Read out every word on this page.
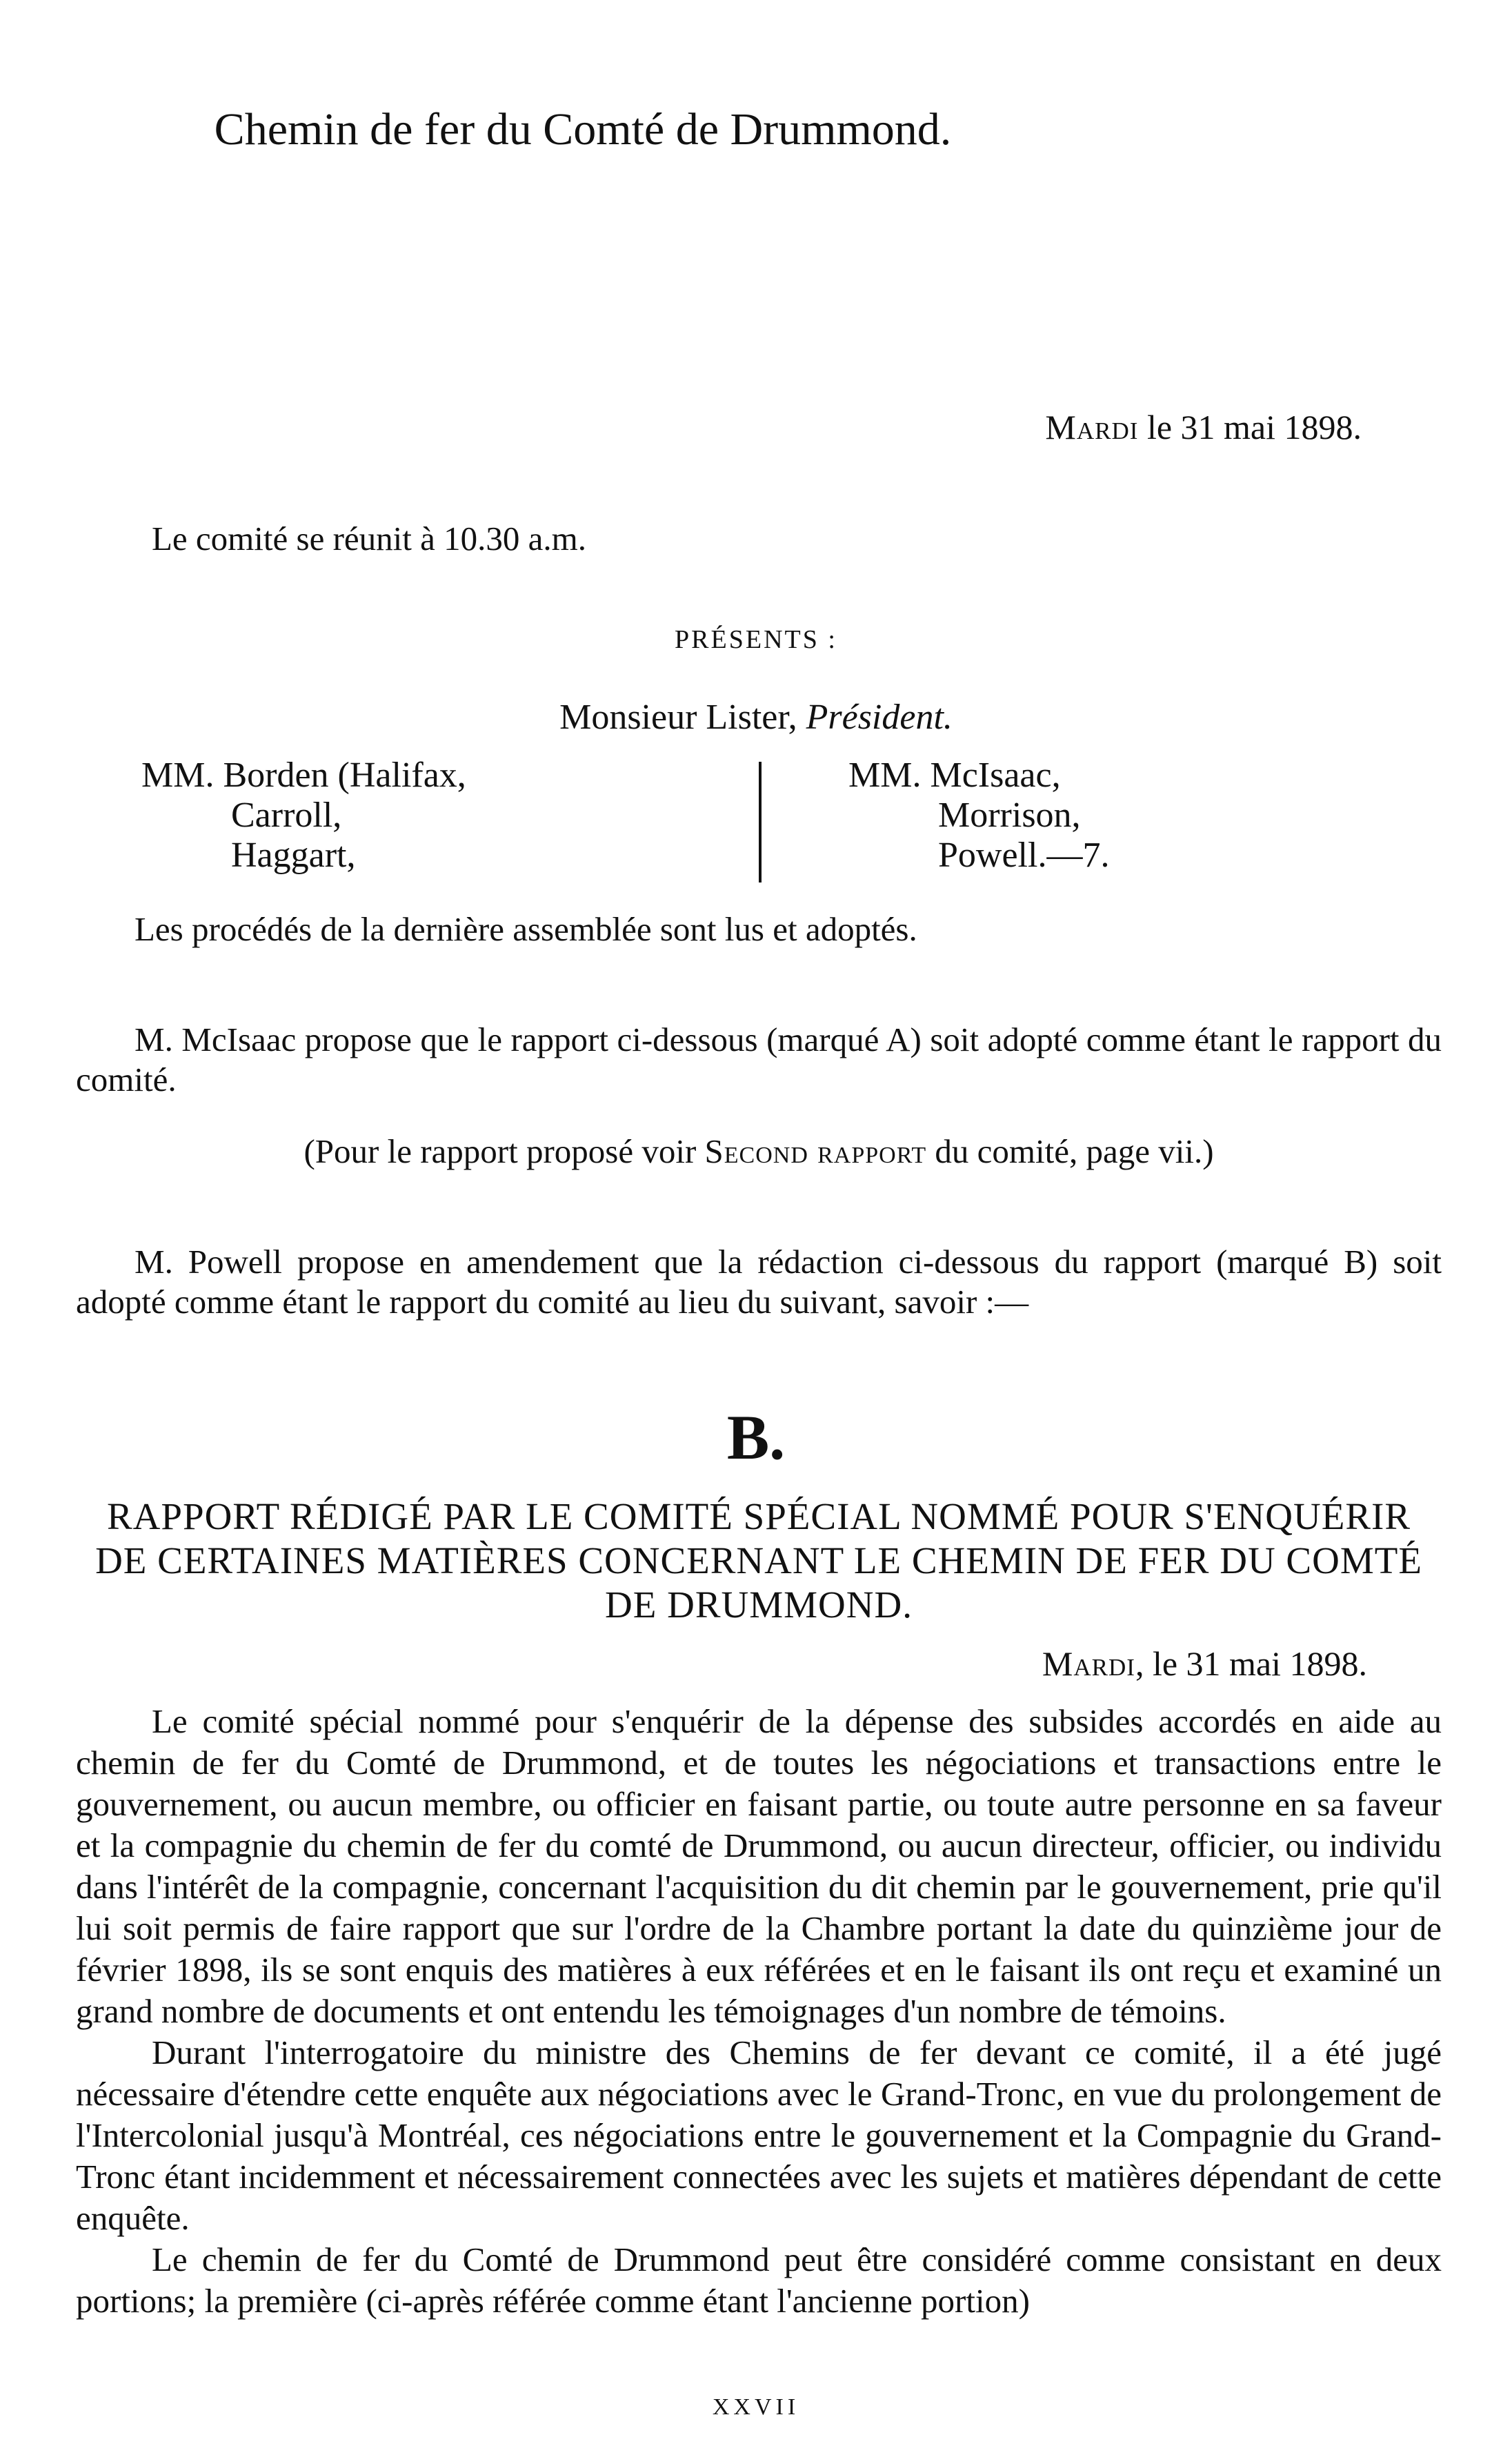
Chemin de fer du Comté de Drummond.
Mardi le 31 mai 1898.
Le comité se réunit à 10.30 a.m.
PRÉSENTS :
Monsieur Lister, Président.
MM. Borden (Halifax,
Carroll,
Haggart,
MM. McIsaac,
Morrison,
Powell.—7.
Les procédés de la dernière assemblée sont lus et adoptés.
M. McIsaac propose que le rapport ci-dessous (marqué A) soit adopté comme étant le rapport du comité.
(Pour le rapport proposé voir Second rapport du comité, page vii.)
M. Powell propose en amendement que la rédaction ci-dessous du rapport (marqué B) soit adopté comme étant le rapport du comité au lieu du suivant, savoir :—
B.
RAPPORT RÉDIGÉ PAR LE COMITÉ SPÉCIAL NOMMÉ POUR S'ENQUÉRIR DE CERTAINES MATIÈRES CONCERNANT LE CHEMIN DE FER DU COMTÉ DE DRUMMOND.
Mardi, le 31 mai 1898.

Le comité spécial nommé pour s'enquérir de la dépense des subsides accordés en aide au chemin de fer du Comté de Drummond, et de toutes les négociations et transactions entre le gouvernement, ou aucun membre, ou officier en faisant partie, ou toute autre personne en sa faveur et la compagnie du chemin de fer du comté de Drummond, ou aucun directeur, officier, ou individu dans l'intérêt de la compagnie, concernant l'acquisition du dit chemin par le gouvernement, prie qu'il lui soit permis de faire rapport que sur l'ordre de la Chambre portant la date du quinzième jour de février 1898, ils se sont enquis des matières à eux référées et en le faisant ils ont reçu et examiné un grand nombre de documents et ont entendu les témoignages d'un nombre de témoins.

Durant l'interrogatoire du ministre des Chemins de fer devant ce comité, il a été jugé nécessaire d'étendre cette enquête aux négociations avec le Grand-Tronc, en vue du prolongement de l'Intercolonial jusqu'à Montréal, ces négociations entre le gouvernement et la Compagnie du Grand-Tronc étant incidemment et nécessairement connectées avec les sujets et matières dépendant de cette enquête.

Le chemin de fer du Comté de Drummond peut être considéré comme consistant en deux portions; la première (ci-après référée comme étant l'ancienne portion)

XXVII
